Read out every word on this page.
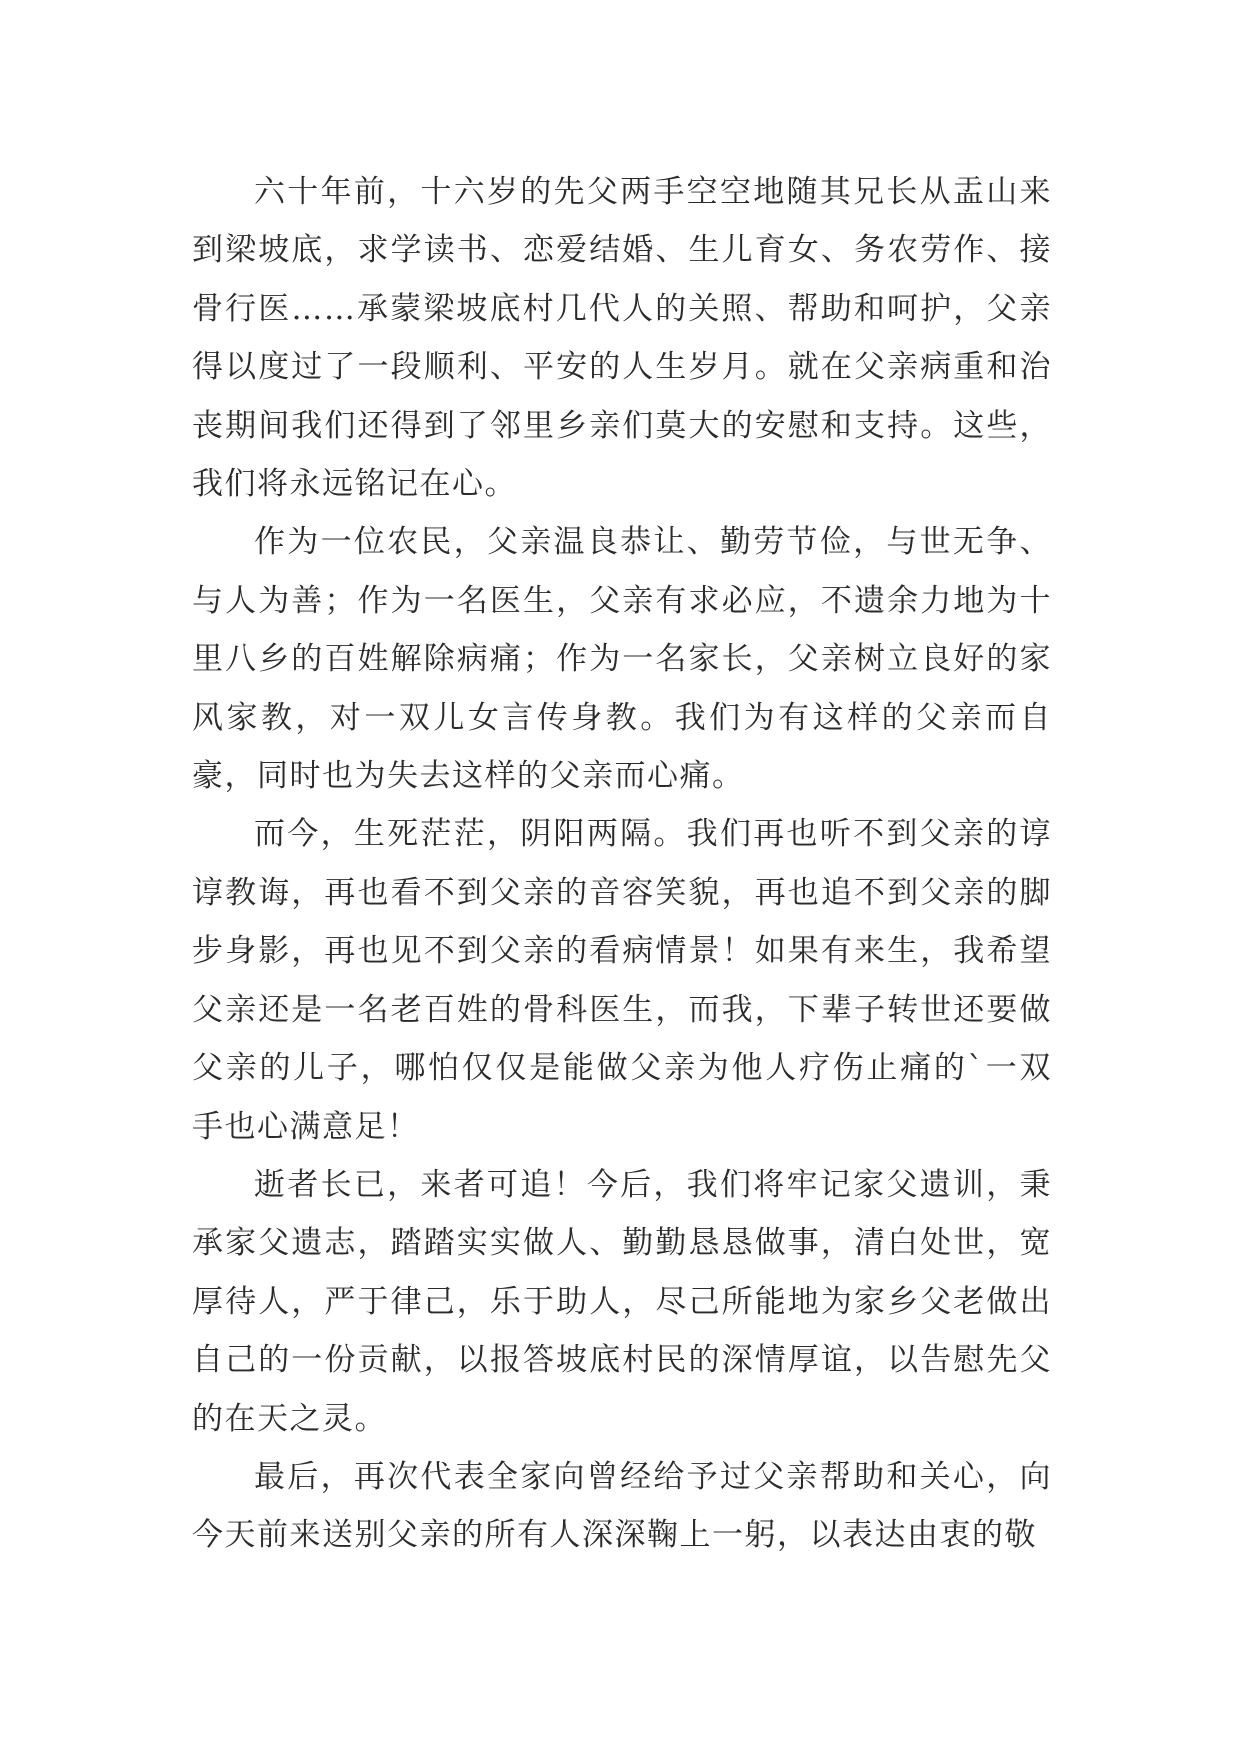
六十年前，十六岁的先父两手空空地随其兄长从盂山来到梁坡底，求学读书、恋爱结婚、生儿育女、务农劳作、接骨行医……承蒙梁坡底村几代人的关照、帮助和呵护，父亲得以度过了一段顺利、平安的人生岁月。就在父亲病重和治丧期间我们还得到了邻里乡亲们莫大的安慰和支持。这些，我们将永远铭记在心。

作为一位农民，父亲温良恭让、勤劳节俭，与世无争、与人为善；作为一名医生，父亲有求必应，不遗余力地为十里八乡的百姓解除病痛；作为一名家长，父亲树立良好的家风家教，对一双儿女言传身教。我们为有这样的父亲而自豪，同时也为失去这样的父亲而心痛。

而今，生死茫茫，阴阳两隔。我们再也听不到父亲的谆谆教诲，再也看不到父亲的音容笑貌，再也追不到父亲的脚步身影，再也见不到父亲的看病情景！如果有来生，我希望父亲还是一名老百姓的骨科医生，而我，下辈子转世还要做父亲的儿子，哪怕仅仅是能做父亲为他人疗伤止痛的`一双手也心满意足！

逝者长已，来者可追！今后，我们将牢记家父遗训，秉承家父遗志，踏踏实实做人、勤勤恳恳做事，清白处世，宽厚待人，严于律己，乐于助人，尽己所能地为家乡父老做出自己的一份贡献，以报答坡底村民的深情厚谊，以告慰先父的在天之灵。

最后，再次代表全家向曾经给予过父亲帮助和关心，向今天前来送别父亲的所有人深深鞠上一躬，以表达由衷的敬
